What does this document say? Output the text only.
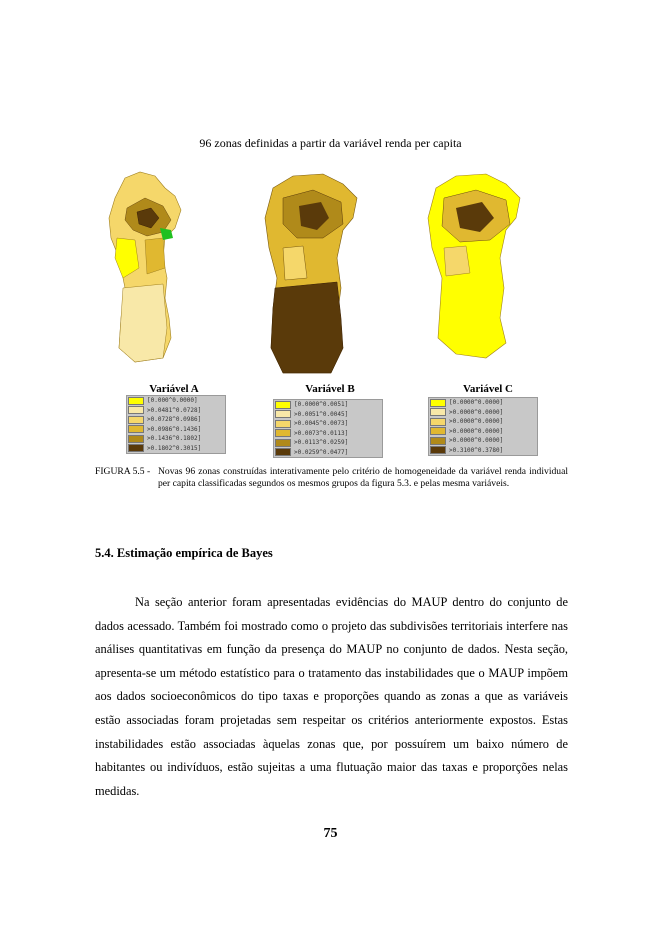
96 zonas definidas a partir da variável renda per capita
Variável A
[0.000^0.0000]
>0.0481^0.0728]
>0.0728^0.0986]
>0.0986^0.1436]
>0.1436^0.1802]
>0.1802^0.3015]
Variável B
[0.0000^0.0051]
>0.0051^0.0045]
>0.0045^0.0073]
>0.0073^0.0113]
>0.0113^0.0259]
>0.0259^0.0477]
Variável C
[0.0000^0.0000]
>0.0000^0.0000]
>0.0000^0.0000]
>0.0000^0.0000]
>0.0000^0.0000]
>0.3100^0.3780]
FIGURA 5.5 - Novas 96 zonas construídas interativamente pelo critério de homogeneidade da variável renda individual per capita classificadas segundos os mesmos grupos da figura 5.3. e pelas mesma variáveis.
5.4. Estimação empírica de Bayes
Na seção anterior foram apresentadas evidências do MAUP dentro do conjunto de dados acessado. Também foi mostrado como o projeto das subdivisões territoriais interfere nas análises quantitativas em função da presença do MAUP no conjunto de dados. Nesta seção, apresenta-se um método estatístico para o tratamento das instabilidades que o MAUP impõem aos dados socioeconômicos do tipo taxas e proporções quando as zonas a que as variáveis estão associadas foram projetadas sem respeitar os critérios anteriormente expostos. Estas instabilidades estão associadas àquelas zonas que, por possuírem um baixo número de habitantes ou indivíduos, estão sujeitas a uma flutuação maior das taxas e proporções nelas medidas.
75
